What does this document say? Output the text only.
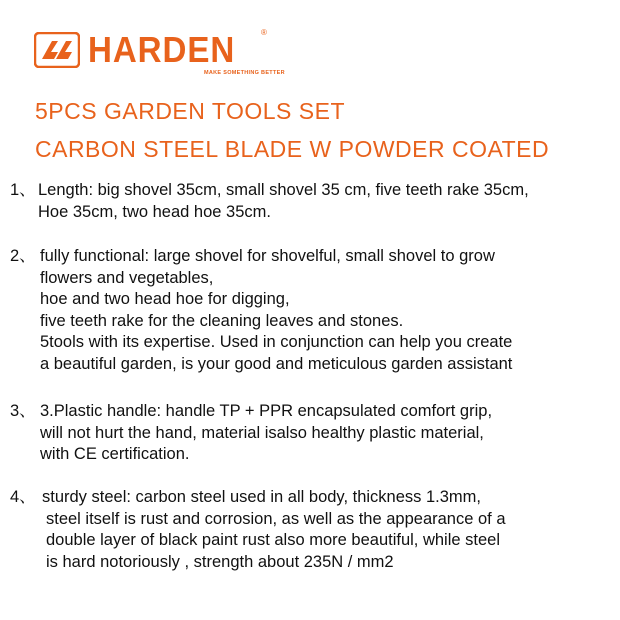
HARDEN	®
MAKE SOMETHING BETTER
5PCS GARDEN TOOLS SET
CARBON STEEL BLADE W POWDER COATED
1、 Length: big shovel 35cm, small shovel 35 cm, five teeth rake 35cm,
Hoe 35cm, two head hoe 35cm.
2、 fully functional: large shovel for shovelful, small shovel to grow
flowers and vegetables,
hoe and two head hoe for digging,
five teeth rake for the cleaning leaves and stones.
5tools with its expertise. Used in conjunction can help you create
a beautiful garden, is your good and meticulous garden assistant
3、 3.Plastic handle: handle TP + PPR encapsulated comfort grip,
will not hurt the hand, material isalso healthy plastic material,
with CE certification.
4、 sturdy steel: carbon steel used in all body, thickness 1.3mm,
steel itself is rust and corrosion, as well as the appearance of a
double layer of black paint rust also more beautiful, while steel
is hard notoriously , strength about 235N / mm2
